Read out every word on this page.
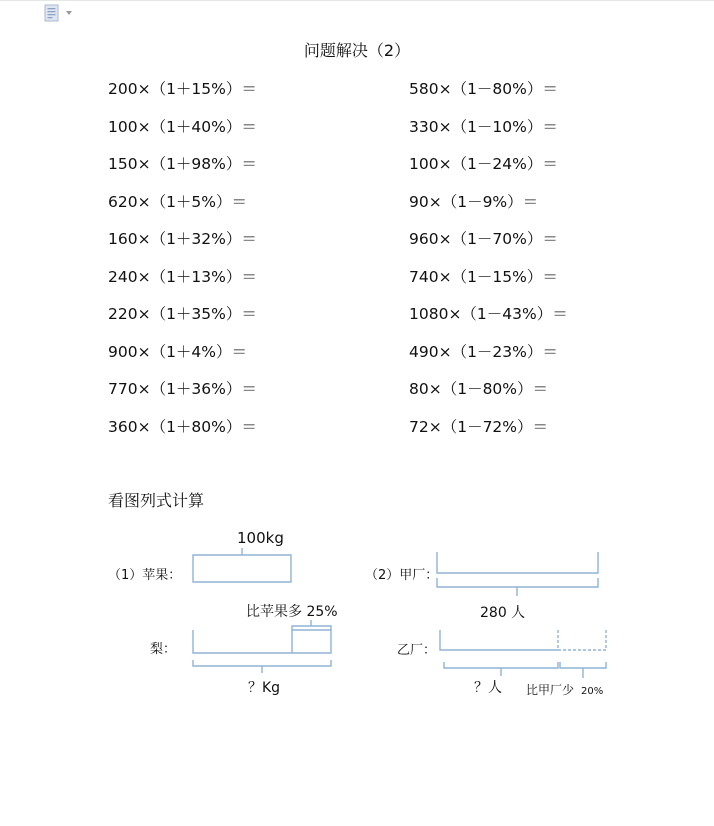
问题解决（2）
200×（1＋15%）＝
100×（1＋40%）＝
150×（1＋98%）＝
620×（1＋5%）＝
160×（1＋32%）＝
240×（1＋13%）＝
220×（1＋35%）＝
900×（1＋4%）＝
770×（1＋36%）＝
360×（1＋80%）＝
580×（1－80%）＝
330×（1－10%）＝
100×（1－24%）＝
90×（1－9%）＝
960×（1－70%）＝
740×（1－15%）＝
1080×（1－43%）＝
490×（1－23%）＝
80×（1－80%）＝
72×（1－72%）＝
看图列式计算
100kg
（1）苹果：
比苹果多 25%
梨：
？Kg
（2）甲厂：
280 人
乙厂：
？人 比甲厂少 20%
